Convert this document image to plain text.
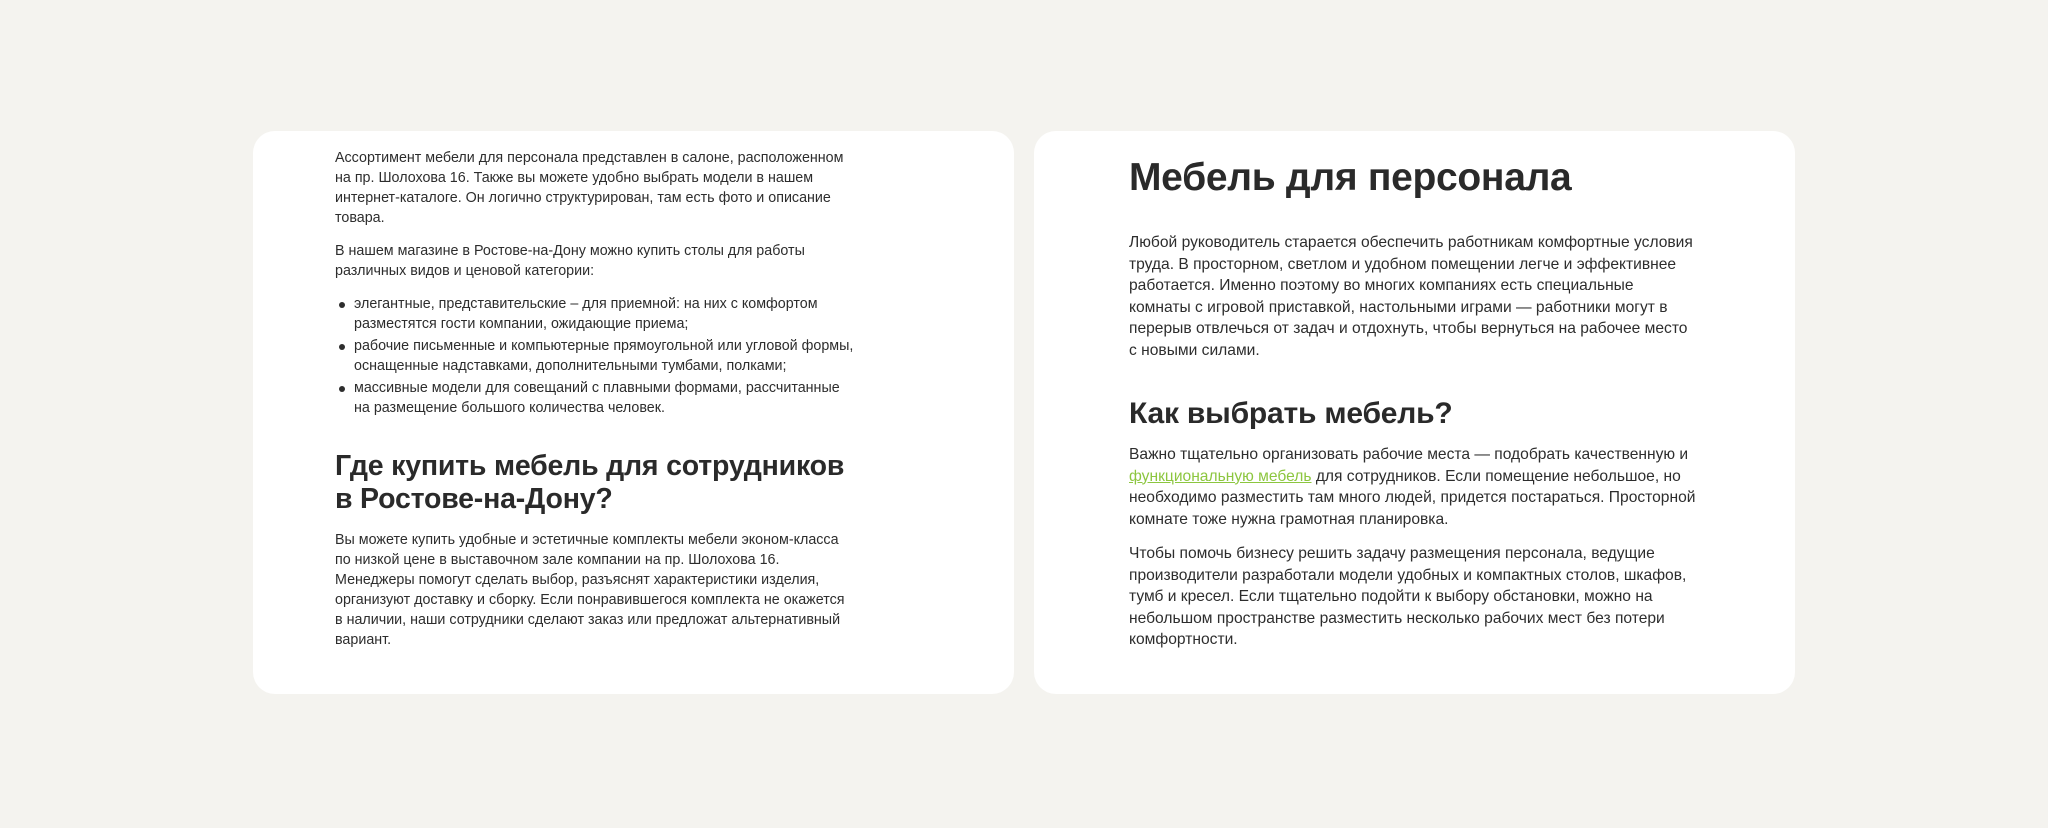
Ассортимент мебели для персонала представлен в салоне, расположенном на пр. Шолохова 16. Также вы можете удобно выбрать модели в нашем интернет-каталоге. Он логично структурирован, там есть фото и описание товара.

В нашем магазине в Ростове-на-Дону можно купить столы для работы различных видов и ценовой категории:

элегантные, представительские – для приемной: на них с комфортом разместятся гости компании, ожидающие приема;
рабочие письменные и компьютерные прямоугольной или угловой формы, оснащенные надставками, дополнительными тумбами, полками;
массивные модели для совещаний с плавными формами, рассчитанные на размещение большого количества человек.
Где купить мебель для сотрудников в Ростове-на-Дону?

Вы можете купить удобные и эстетичные комплекты мебели эконом-класса по низкой цене в выставочном зале компании на пр. Шолохова 16. Менеджеры помогут сделать выбор, разъяснят характеристики изделия, организуют доставку и сборку. Если понравившегося комплекта не окажется в наличии, наши сотрудники сделают заказ или предложат альтернативный вариант.

Мебель для персонала

Любой руководитель старается обеспечить работникам комфортные условия труда. В просторном, светлом и удобном помещении легче и эффективнее работается. Именно поэтому во многих компаниях есть специальные комнаты с игровой приставкой, настольными играми — работники могут в перерыв отвлечься от задач и отдохнуть, чтобы вернуться на рабочее место с новыми силами.

Как выбрать мебель?

Важно тщательно организовать рабочие места — подобрать качественную и функциональную мебель для сотрудников. Если помещение небольшое, но необходимо разместить там много людей, придется постараться. Просторной комнате тоже нужна грамотная планировка.

Чтобы помочь бизнесу решить задачу размещения персонала, ведущие производители разработали модели удобных и компактных столов, шкафов, тумб и кресел. Если тщательно подойти к выбору обстановки, можно на небольшом пространстве разместить несколько рабочих мест без потери комфортности.
